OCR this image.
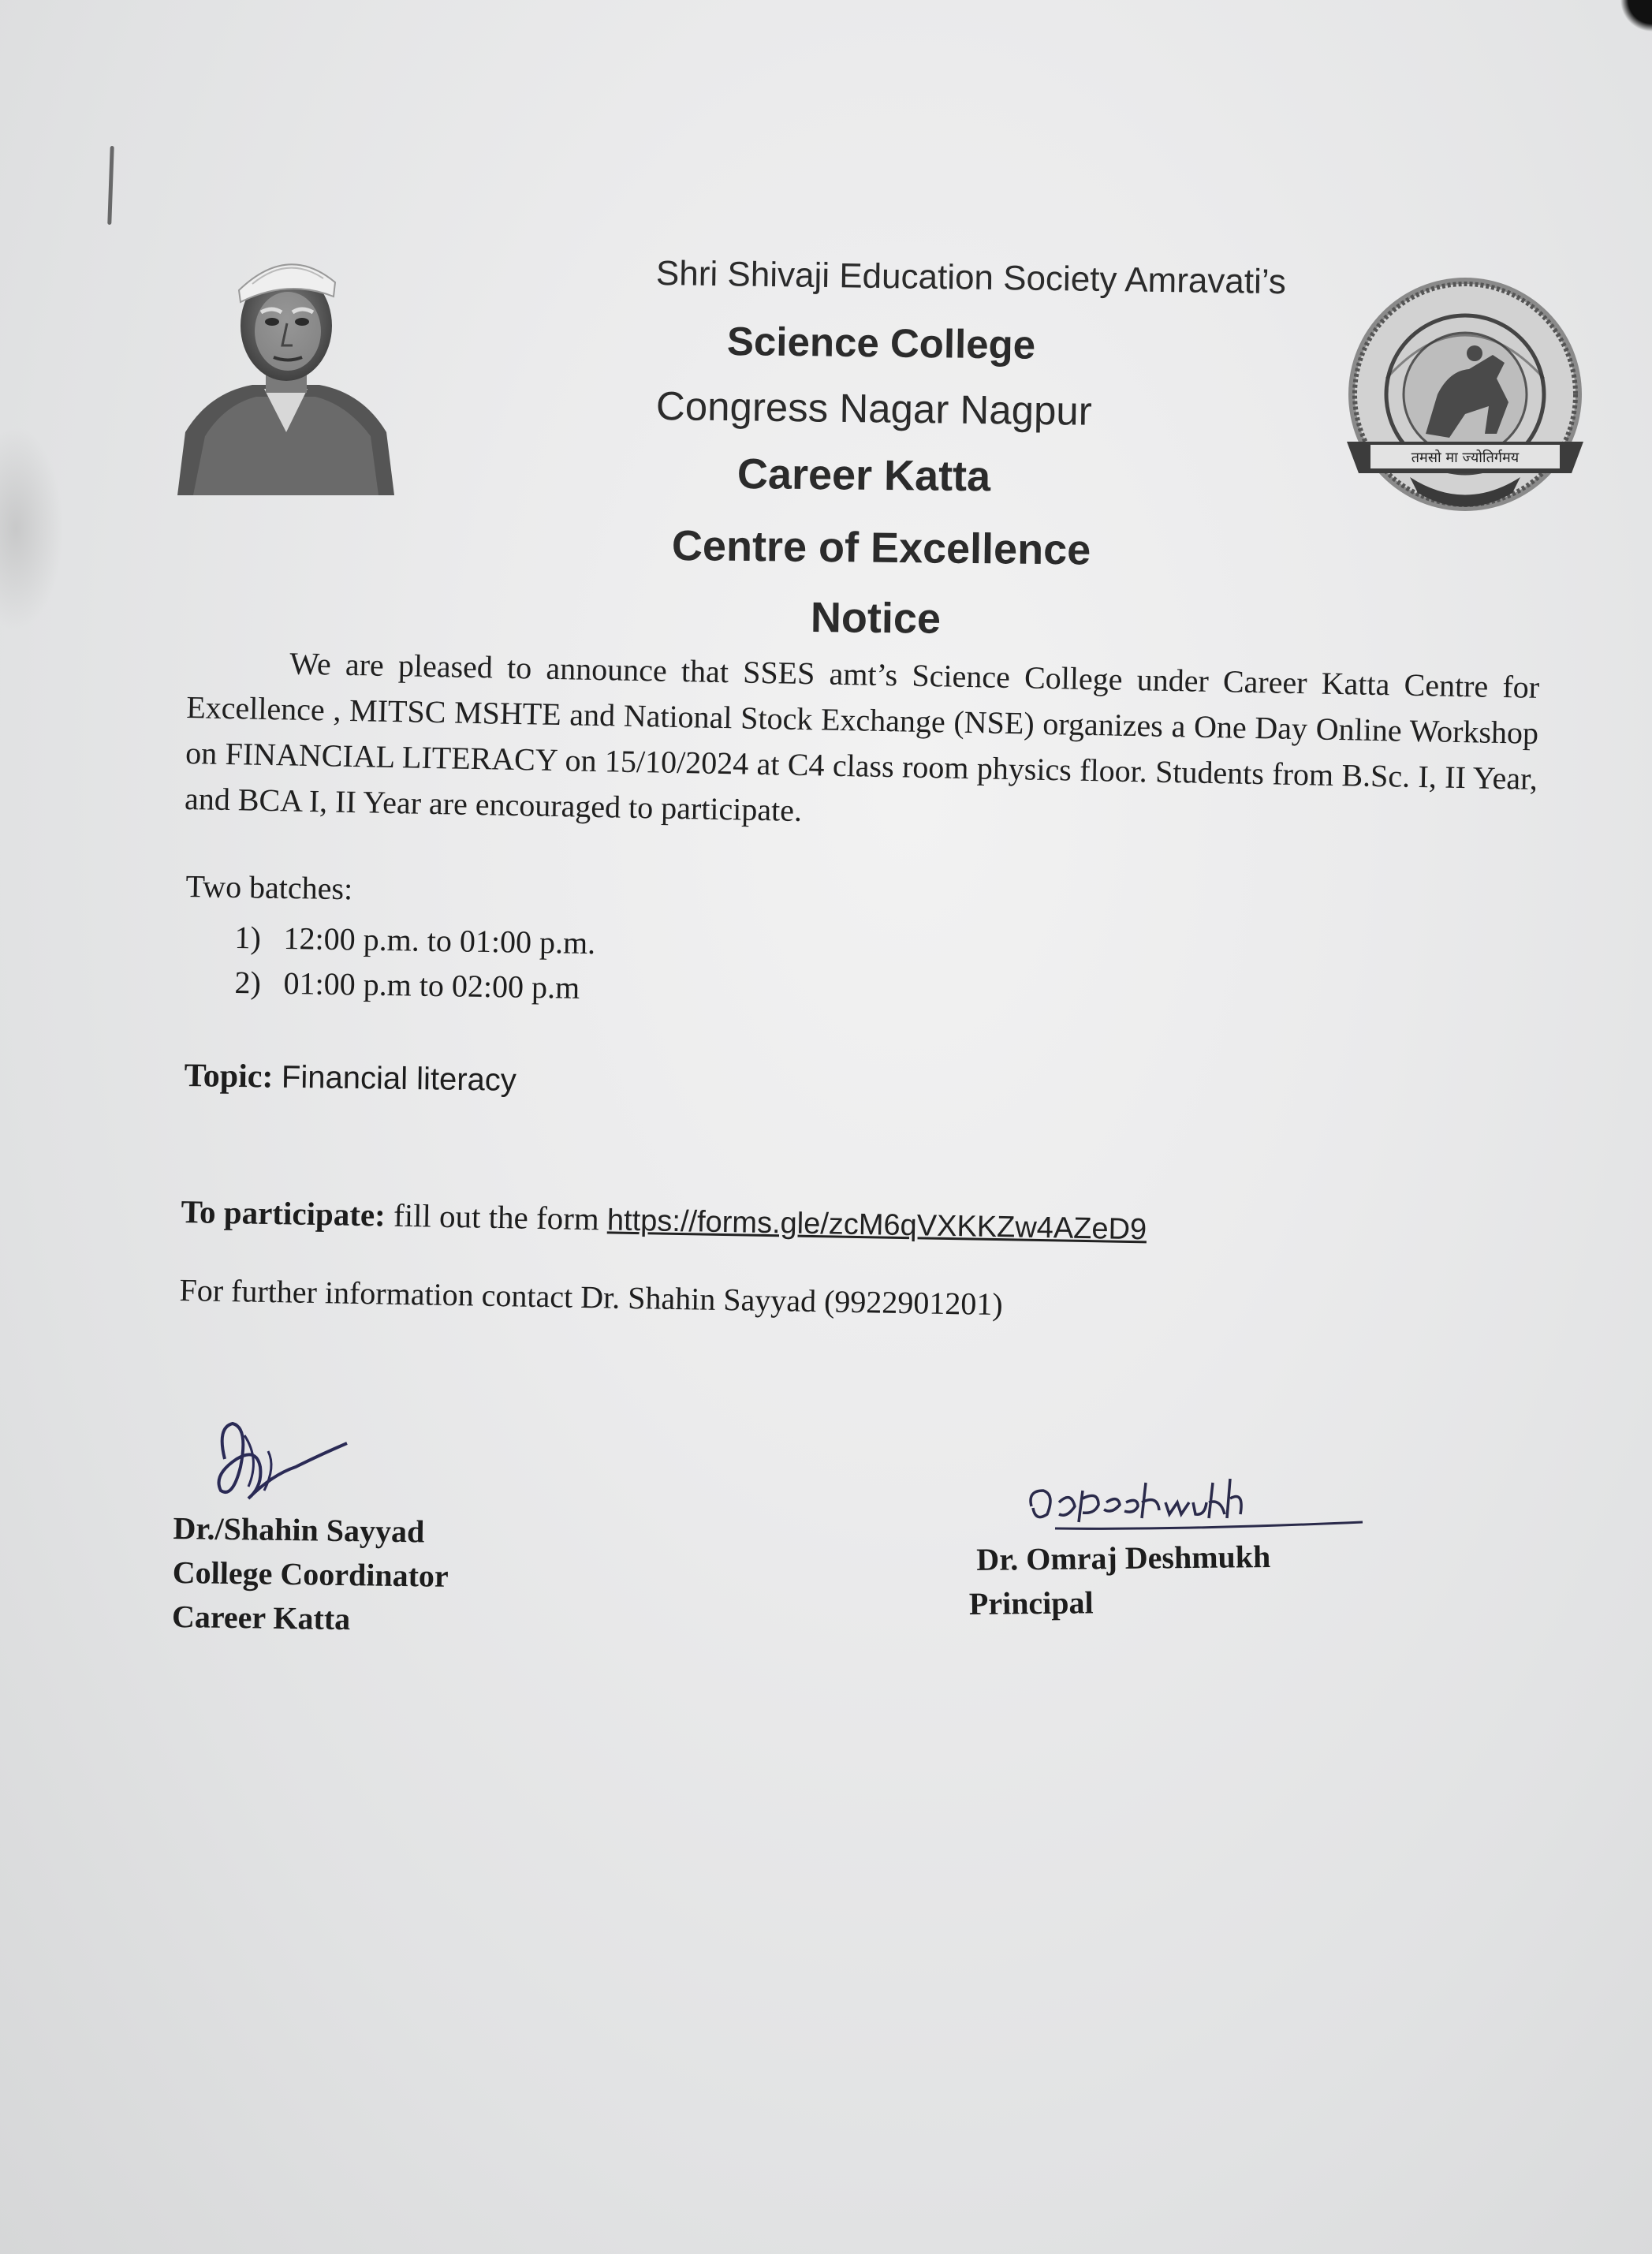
तमसो मा ज्योतिर्गमय
Shri Shivaji Education Society Amravati’s
Science College
Congress Nagar Nagpur
Career Katta
Centre of Excellence
Notice

We are pleased to announce that SSES amt’s Science College under Career Katta Centre for Excellence , MITSC MSHTE and National Stock Exchange (NSE) organizes a One Day Online Workshop on FINANCIAL LITERACY on 15/10/2024 at C4 class room physics floor. Students from B.Sc. I, II Year, and BCA I, II Year are encouraged to participate.

Two batches:
1) 12:00 p.m. to 01:00 p.m.
2) 01:00 p.m to 02:00 p.m
Topic: Financial literacy
To participate: fill out the form https://forms.gle/zcM6qVXKKZw4AZeD9
For further information contact Dr. Shahin Sayyad (9922901201)
Dr./Shahin Sayyad
College Coordinator
Career Katta
Dr. Omraj Deshmukh
Principal
